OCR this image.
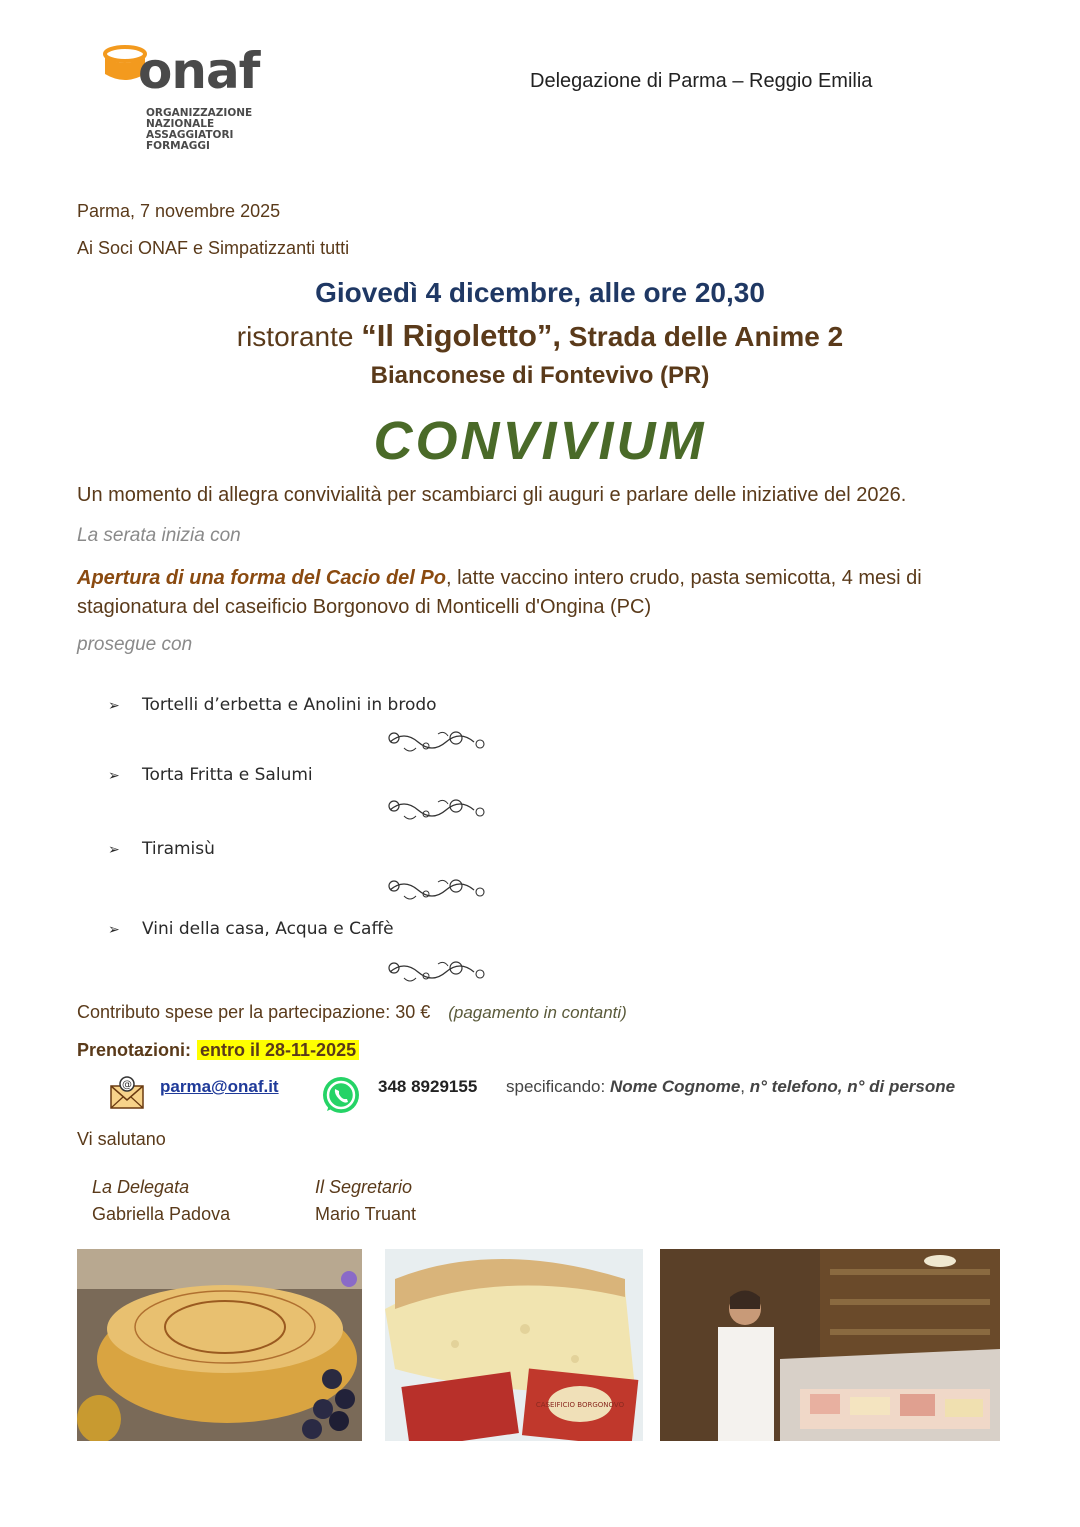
onaf
ORGANIZZAZIONE
NAZIONALE
ASSAGGIATORI
FORMAGGI
Delegazione di Parma – Reggio Emilia
Parma, 7 novembre 2025
Ai Soci ONAF e Simpatizzanti tutti
Giovedì 4 dicembre, alle ore 20,30
ristorante “Il Rigoletto”, Strada delle Anime 2
Bianconese di Fontevivo (PR)
CONVIVIUM
Un momento di allegra convivialità per scambiarci gli auguri e parlare delle iniziative del 2026.
La serata inizia con
Apertura di una forma del Cacio del Po, latte vaccino intero crudo, pasta semicotta, 4 mesi di stagionatura del caseificio Borgonovo di Monticelli d'Ongina (PC)
prosegue con
➢ Tortelli d’erbetta e Anolini in brodo
➢ Torta Fritta e Salumi
➢ Tiramisù
➢ Vini della casa, Acqua e Caffè
Contributo spese per la partecipazione: 30 € (pagamento in contanti)
Prenotazioni: entro il 28-11-2025
@ parma@onaf.it	348 8929155 specificando: Nome Cognome, n° telefono, n° di persone
Vi salutano
La Delegata
Gabriella Padova
Il Segretario
Mario Truant
CASEIFICIO BORGONOVO
